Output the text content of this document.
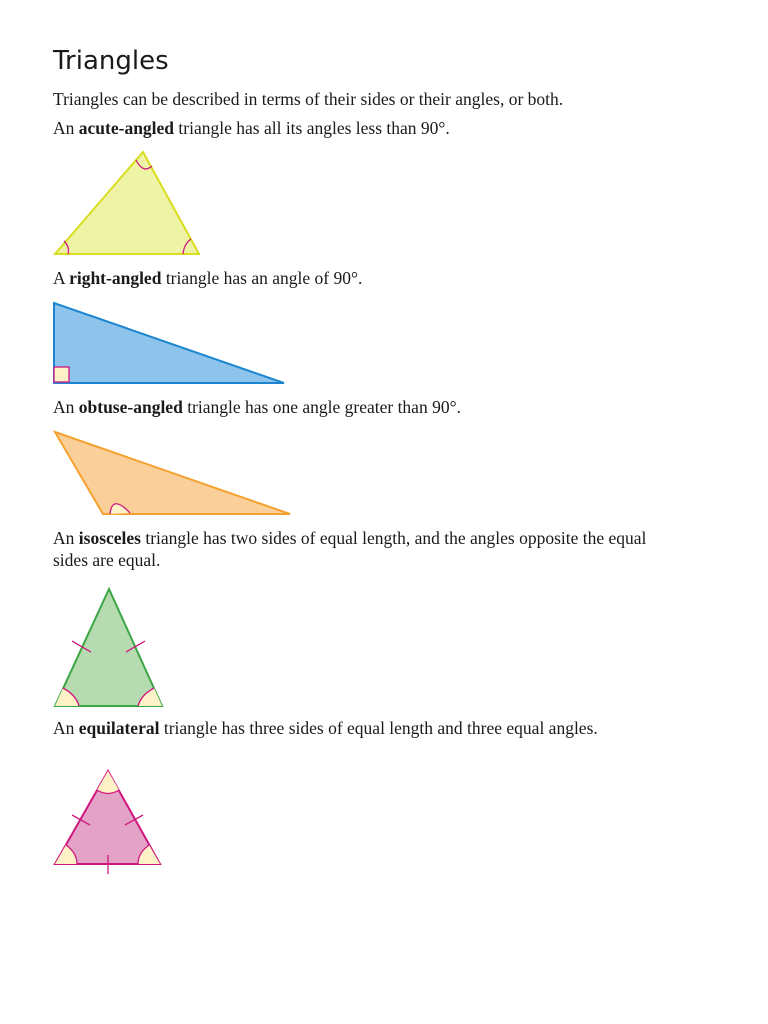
Triangles

Triangles can be described in terms of their sides or their angles, or both.

An acute-angled triangle has all its angles less than 90°.

A right-angled triangle has an angle of 90°.

An obtuse-angled triangle has one angle greater than 90°.

An isosceles triangle has two sides of equal length, and the angles opposite the equal sides are equal.

An equilateral triangle has three sides of equal length and three equal angles.
